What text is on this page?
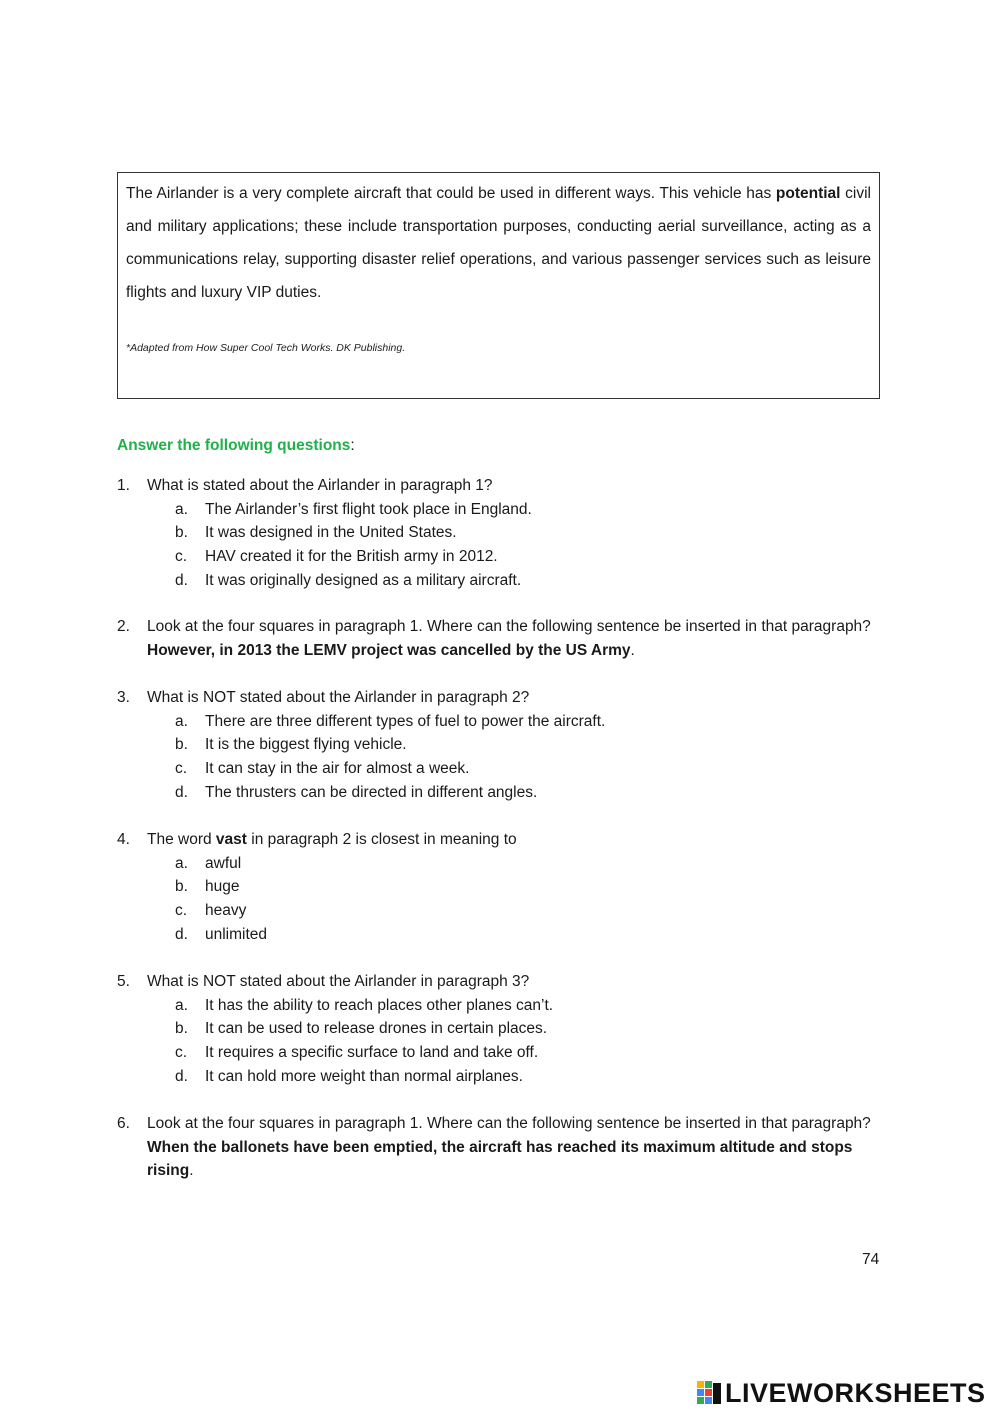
The Airlander is a very complete aircraft that could be used in different ways. This vehicle has potential civil and military applications; these include transportation purposes, conducting aerial surveillance, acting as a communications relay, supporting disaster relief operations, and various passenger services such as leisure flights and luxury VIP duties.

*Adapted from How Super Cool Tech Works. DK Publishing.

Answer the following questions:

1.	What is stated about the Airlander in paragraph 1?
a.	The Airlander’s first flight took place in England.
b.	It was designed in the United States.
c.	HAV created it for the British army in 2012.
d.	It was originally designed as a military aircraft.
2.	Look at the four squares in paragraph 1. Where can the following sentence be inserted in that paragraph? However, in 2013 the LEMV project was cancelled by the US Army.
3.	What is NOT stated about the Airlander in paragraph 2?
a.	There are three different types of fuel to power the aircraft.
b.	It is the biggest flying vehicle.
c.	It can stay in the air for almost a week.
d.	The thrusters can be directed in different angles.
4.	The word vast in paragraph 2 is closest in meaning to
a.	awful
b.	huge
c.	heavy
d.	unlimited
5.	What is NOT stated about the Airlander in paragraph 3?
a.	It has the ability to reach places other planes can’t.
b.	It can be used to release drones in certain places.
c.	It requires a specific surface to land and take off.
d.	It can hold more weight than normal airplanes.
6.	Look at the four squares in paragraph 1. Where can the following sentence be inserted in that paragraph? When the ballonets have been emptied, the aircraft has reached its maximum altitude and stops rising.
74
LIVEWORKSHEETS
